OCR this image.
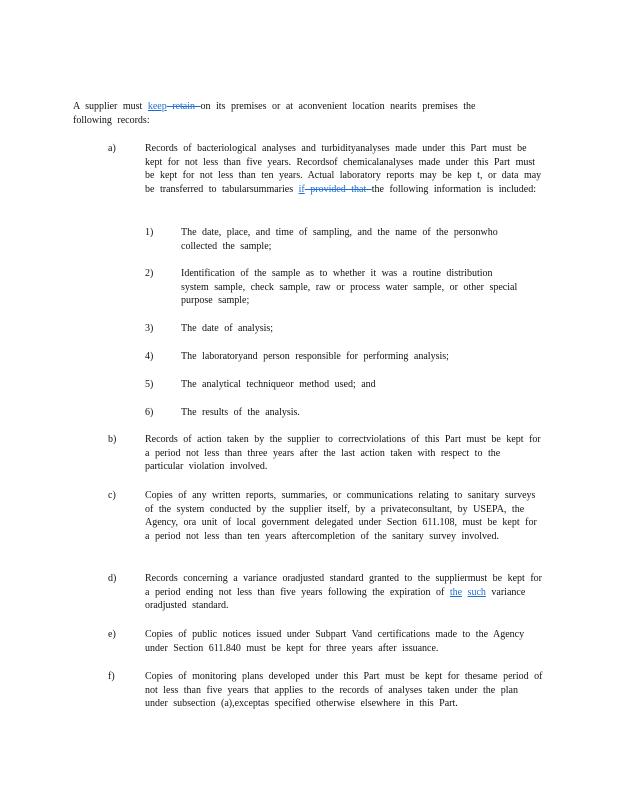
A supplier must keep retain on its premises or at aconvenient location nearits premises the following records:

a)	Records of bacteriological analyses and turbidityanalyses made under this Part must be kept for not less than five years. Recordsof chemicalanalyses made under this Part must be kept for not less than ten years. Actual laboratory reports may be kep t, or data may be transferred to tabularsummaries if provided that the following information is included:

1)	The date, place, and time of sampling, and the name of the personwho collected the sample;

2)	Identification of the sample as to whether it was a routine distribution system sample, check sample, raw or process water sample, or other special purpose sample;

3)	The date of analysis;

4)	The laboratoryand person responsible for performing analysis;

5)	The analytical techniqueor method used; and

6)	The results of the analysis.

b)	Records of action taken by the supplier to correctviolations of this Part must be kept for a period not less than three years after the last action taken with respect to the particular violation involved.

c)	Copies of any written reports, summaries, or communications relating to sanitary surveys of the system conducted by the supplier itself, by a privateconsultant, by USEPA, the Agency, ora unit of local government delegated under Section 611.108, must be kept for a period not less than ten years aftercompletion of the sanitary survey involved.

d)	Records concerning a variance oradjusted standard granted to the suppliermust be kept for a period ending not less than five years following the expiration of the such variance oradjusted standard.

e)	Copies of public notices issued under Subpart Vand certifications made to the Agency under Section 611.840 must be kept for three years after issuance.

f)	Copies of monitoring plans developed under this Part must be kept for thesame period of not less than five years that applies to the records of analyses taken under the plan under subsection (a),exceptas specified otherwise elsewhere in this Part.
